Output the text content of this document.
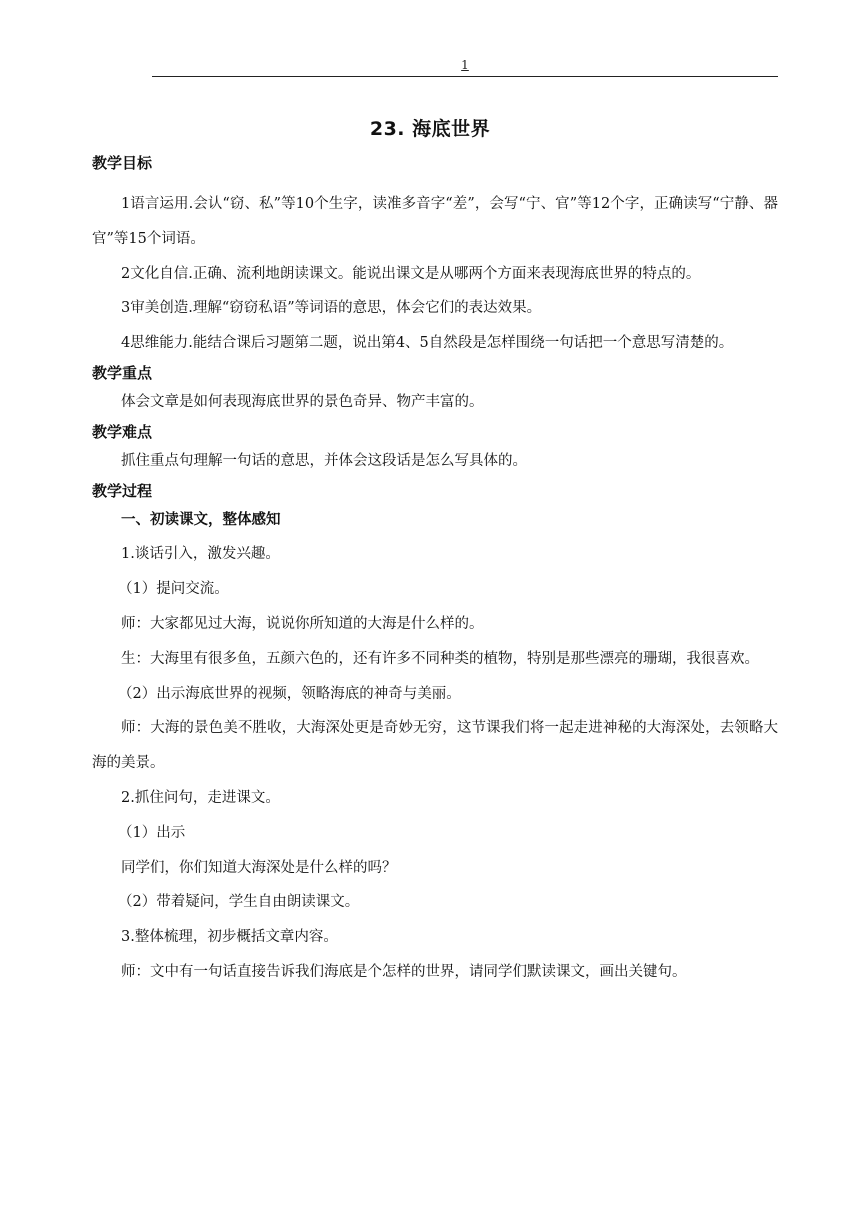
1
23. 海底世界
教学目标

1语言运用.会认“窃、私”等10个生字，读准多音字“差”，会写“宁、官”等12个字，正确读写“宁静、器官”等15个词语。

2文化自信.正确、流利地朗读课文。能说出课文是从哪两个方面来表现海底世界的特点的。

3审美创造.理解“窃窃私语”等词语的意思，体会它们的表达效果。

4思维能力.能结合课后习题第二题，说出第4、5自然段是怎样围绕一句话把一个意思写清楚的。

教学重点

体会文章是如何表现海底世界的景色奇异、物产丰富的。

教学难点

抓住重点句理解一句话的意思，并体会这段话是怎么写具体的。

教学过程

一、初读课文，整体感知

1.谈话引入，激发兴趣。

（1）提问交流。

师：大家都见过大海，说说你所知道的大海是什么样的。

生：大海里有很多鱼，五颜六色的，还有许多不同种类的植物，特别是那些漂亮的珊瑚，我很喜欢。

（2）出示海底世界的视频，领略海底的神奇与美丽。

师：大海的景色美不胜收，大海深处更是奇妙无穷，这节课我们将一起走进神秘的大海深处，去领略大海的美景。

2.抓住问句，走进课文。

（1）出示

同学们，你们知道大海深处是什么样的吗？

（2）带着疑问，学生自由朗读课文。

3.整体梳理，初步概括文章内容。

师：文中有一句话直接告诉我们海底是个怎样的世界，请同学们默读课文，画出关键句。
